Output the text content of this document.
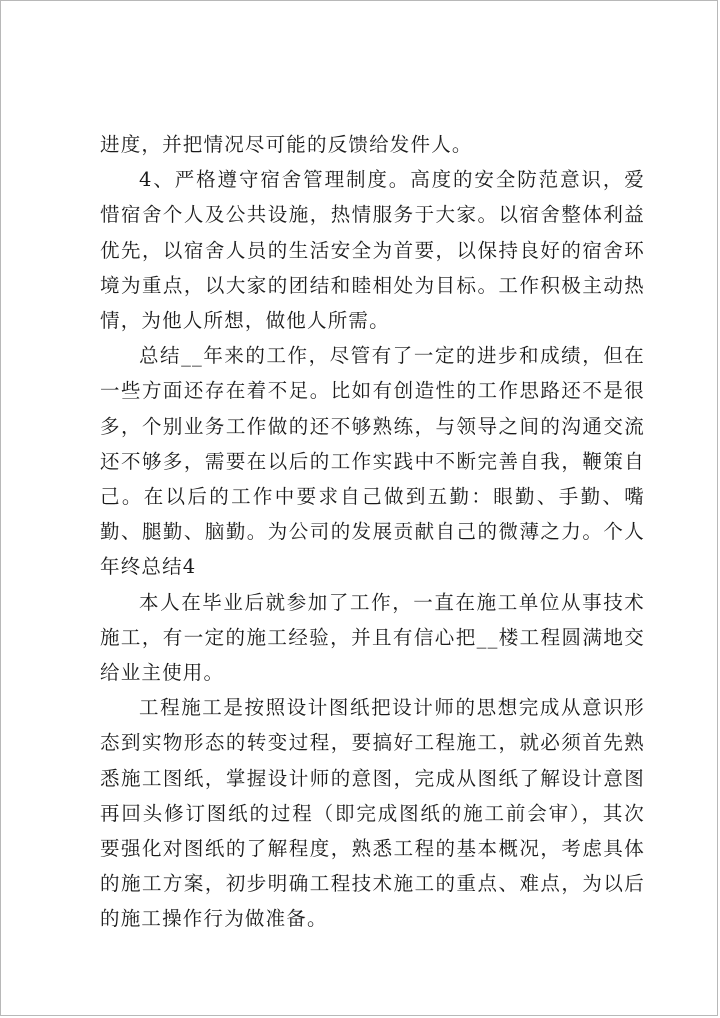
进度，并把情况尽可能的反馈给发件人。

4、严格遵守宿舍管理制度。高度的安全防范意识，爱惜宿舍个人及公共设施，热情服务于大家。以宿舍整体利益优先，以宿舍人员的生活安全为首要，以保持良好的宿舍环境为重点，以大家的团结和睦相处为目标。工作积极主动热情，为他人所想，做他人所需。

总结__年来的工作，尽管有了一定的进步和成绩，但在一些方面还存在着不足。比如有创造性的工作思路还不是很多，个别业务工作做的还不够熟练，与领导之间的沟通交流还不够多，需要在以后的工作实践中不断完善自我，鞭策自己。在以后的工作中要求自己做到五勤：眼勤、手勤、嘴勤、腿勤、脑勤。为公司的发展贡献自己的微薄之力。个人年终总结4

本人在毕业后就参加了工作，一直在施工单位从事技术施工，有一定的施工经验，并且有信心把__楼工程圆满地交给业主使用。

工程施工是按照设计图纸把设计师的思想完成从意识形态到实物形态的转变过程，要搞好工程施工，就必须首先熟悉施工图纸，掌握设计师的意图，完成从图纸了解设计意图再回头修订图纸的过程（即完成图纸的施工前会审），其次要强化对图纸的了解程度，熟悉工程的基本概况，考虑具体的施工方案，初步明确工程技术施工的重点、难点，为以后的施工操作行为做准备。
